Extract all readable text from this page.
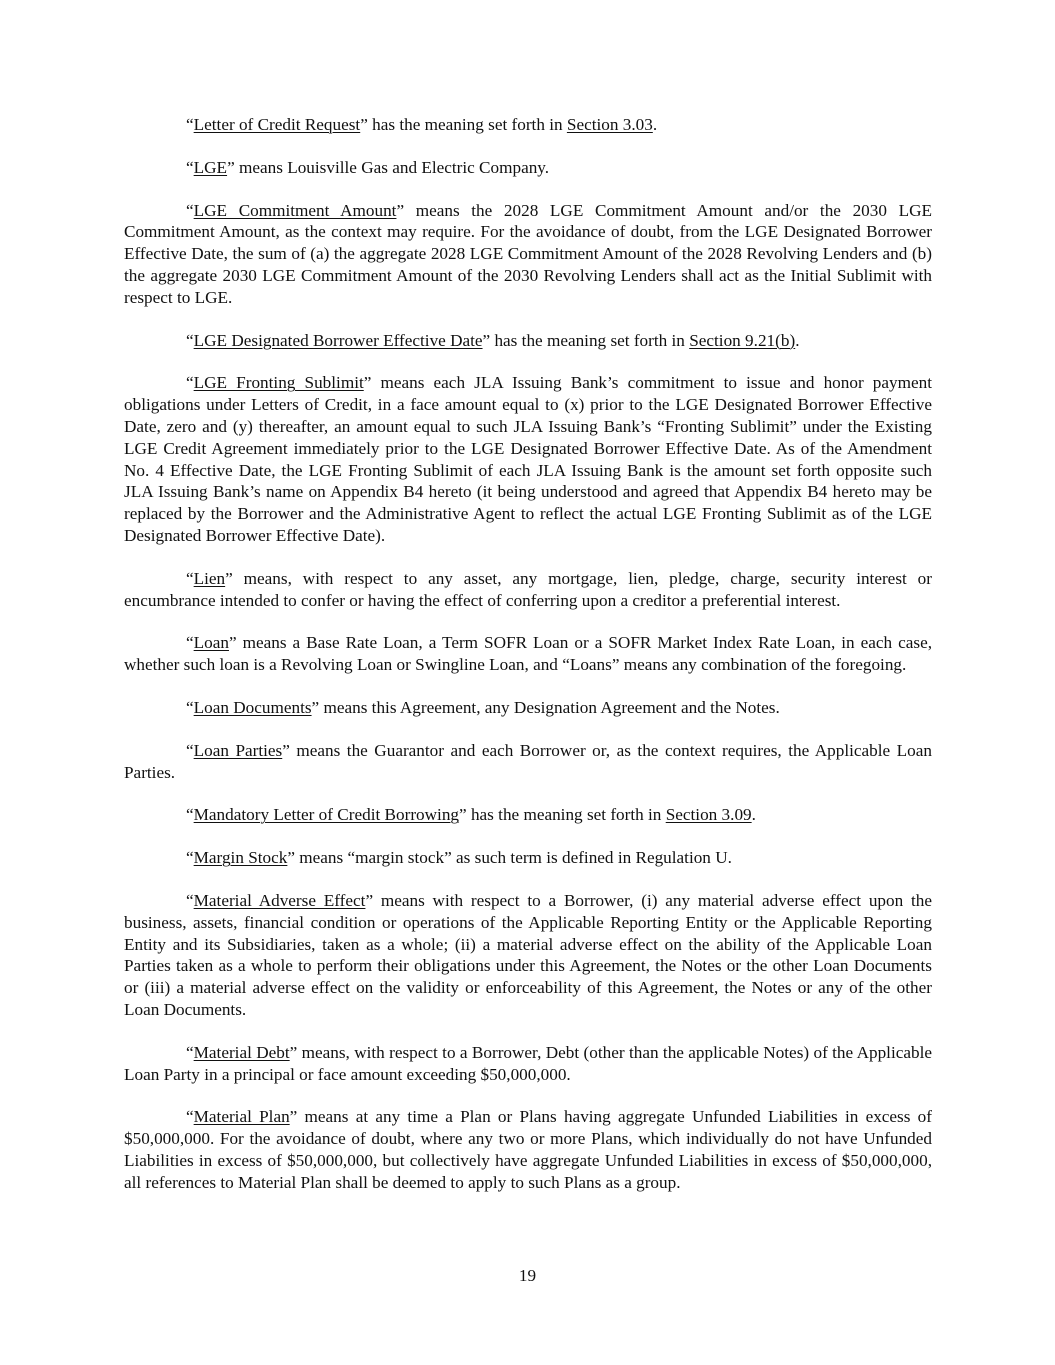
“Letter of Credit Request” has the meaning set forth in Section 3.03.

“LGE” means Louisville Gas and Electric Company.

“LGE Commitment Amount” means the 2028 LGE Commitment Amount and/or the 2030 LGE Commitment Amount, as the context may require. For the avoidance of doubt, from the LGE Designated Borrower Effective Date, the sum of (a) the aggregate 2028 LGE Commitment Amount of the 2028 Revolving Lenders and (b) the aggregate 2030 LGE Commitment Amount of the 2030 Revolving Lenders shall act as the Initial Sublimit with respect to LGE.

“LGE Designated Borrower Effective Date” has the meaning set forth in Section 9.21(b).

“LGE Fronting Sublimit” means each JLA Issuing Bank’s commitment to issue and honor payment obligations under Letters of Credit, in a face amount equal to (x) prior to the LGE Designated Borrower Effective Date, zero and (y) thereafter, an amount equal to such JLA Issuing Bank’s “Fronting Sublimit” under the Existing LGE Credit Agreement immediately prior to the LGE Designated Borrower Effective Date. As of the Amendment No. 4 Effective Date, the LGE Fronting Sublimit of each JLA Issuing Bank is the amount set forth opposite such JLA Issuing Bank’s name on Appendix B4 hereto (it being understood and agreed that Appendix B4 hereto may be replaced by the Borrower and the Administrative Agent to reflect the actual LGE Fronting Sublimit as of the LGE Designated Borrower Effective Date).

“Lien” means, with respect to any asset, any mortgage, lien, pledge, charge, security interest or encumbrance intended to confer or having the effect of conferring upon a creditor a preferential interest.

“Loan” means a Base Rate Loan, a Term SOFR Loan or a SOFR Market Index Rate Loan, in each case, whether such loan is a Revolving Loan or Swingline Loan, and “Loans” means any combination of the foregoing.

“Loan Documents” means this Agreement, any Designation Agreement and the Notes.

“Loan Parties” means the Guarantor and each Borrower or, as the context requires, the Applicable Loan Parties.

“Mandatory Letter of Credit Borrowing” has the meaning set forth in Section 3.09.

“Margin Stock” means “margin stock” as such term is defined in Regulation U.

“Material Adverse Effect” means with respect to a Borrower, (i) any material adverse effect upon the business, assets, financial condition or operations of the Applicable Reporting Entity or the Applicable Reporting Entity and its Subsidiaries, taken as a whole; (ii) a material adverse effect on the ability of the Applicable Loan Parties taken as a whole to perform their obligations under this Agreement, the Notes or the other Loan Documents or (iii) a material adverse effect on the validity or enforceability of this Agreement, the Notes or any of the other Loan Documents.

“Material Debt” means, with respect to a Borrower, Debt (other than the applicable Notes) of the Applicable Loan Party in a principal or face amount exceeding $50,000,000.

“Material Plan” means at any time a Plan or Plans having aggregate Unfunded Liabilities in excess of $50,000,000. For the avoidance of doubt, where any two or more Plans, which individually do not have Unfunded Liabilities in excess of $50,000,000, but collectively have aggregate Unfunded Liabilities in excess of $50,000,000, all references to Material Plan shall be deemed to apply to such Plans as a group.

19
